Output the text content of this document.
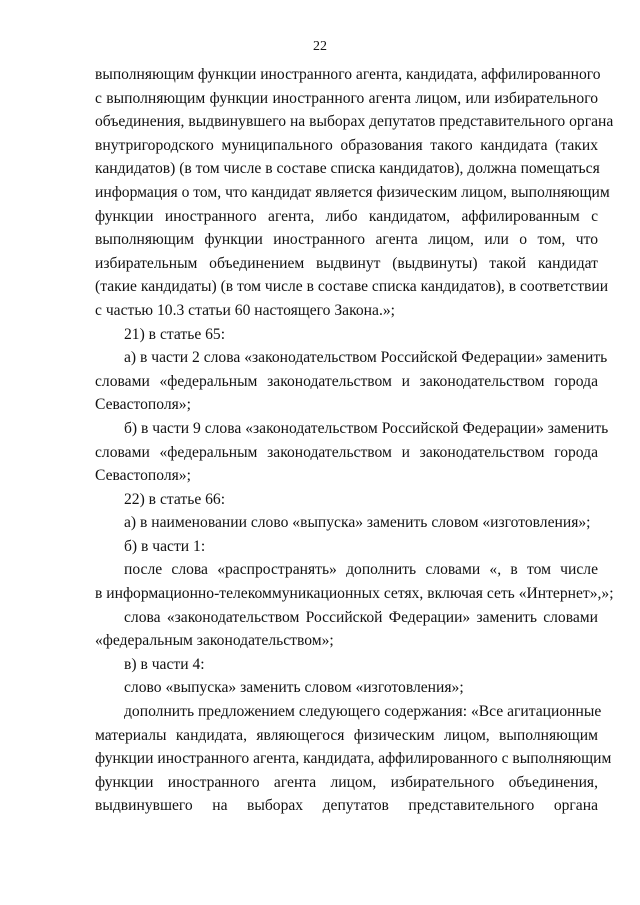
22
выполняющим функции иностранного агента, кандидата, аффилированного
с выполняющим функции иностранного агента лицом, или избирательного
объединения, выдвинувшего на выборах депутатов представительного органа
внутригородского муниципального образования такого кандидата (таких
кандидатов) (в том числе в составе списка кандидатов), должна помещаться
информация о том, что кандидат является физическим лицом, выполняющим
функции иностранного агента, либо кандидатом, аффилированным с
выполняющим функции иностранного агента лицом, или о том, что
избирательным объединением выдвинут (выдвинуты) такой кандидат
(такие кандидаты) (в том числе в составе списка кандидатов), в соответствии
с частью 10.3 статьи 60 настоящего Закона.»;
21) в статье 65:
а) в части 2 слова «законодательством Российской Федерации» заменить
словами «федеральным законодательством и законодательством города
Севастополя»;
б) в части 9 слова «законодательством Российской Федерации» заменить
словами «федеральным законодательством и законодательством города
Севастополя»;
22) в статье 66:
а) в наименовании слово «выпуска» заменить словом «изготовления»;
б) в части 1:
после слова «распространять» дополнить словами «, в том числе
в информационно-телекоммуникационных сетях, включая сеть «Интернет»,»;
слова «законодательством Российской Федерации» заменить словами
«федеральным законодательством»;
в) в части 4:
слово «выпуска» заменить словом «изготовления»;
дополнить предложением следующего содержания: «Все агитационные
материалы кандидата, являющегося физическим лицом, выполняющим
функции иностранного агента, кандидата, аффилированного с выполняющим
функции иностранного агента лицом, избирательного объединения,
выдвинувшего на выборах депутатов представительного органа
